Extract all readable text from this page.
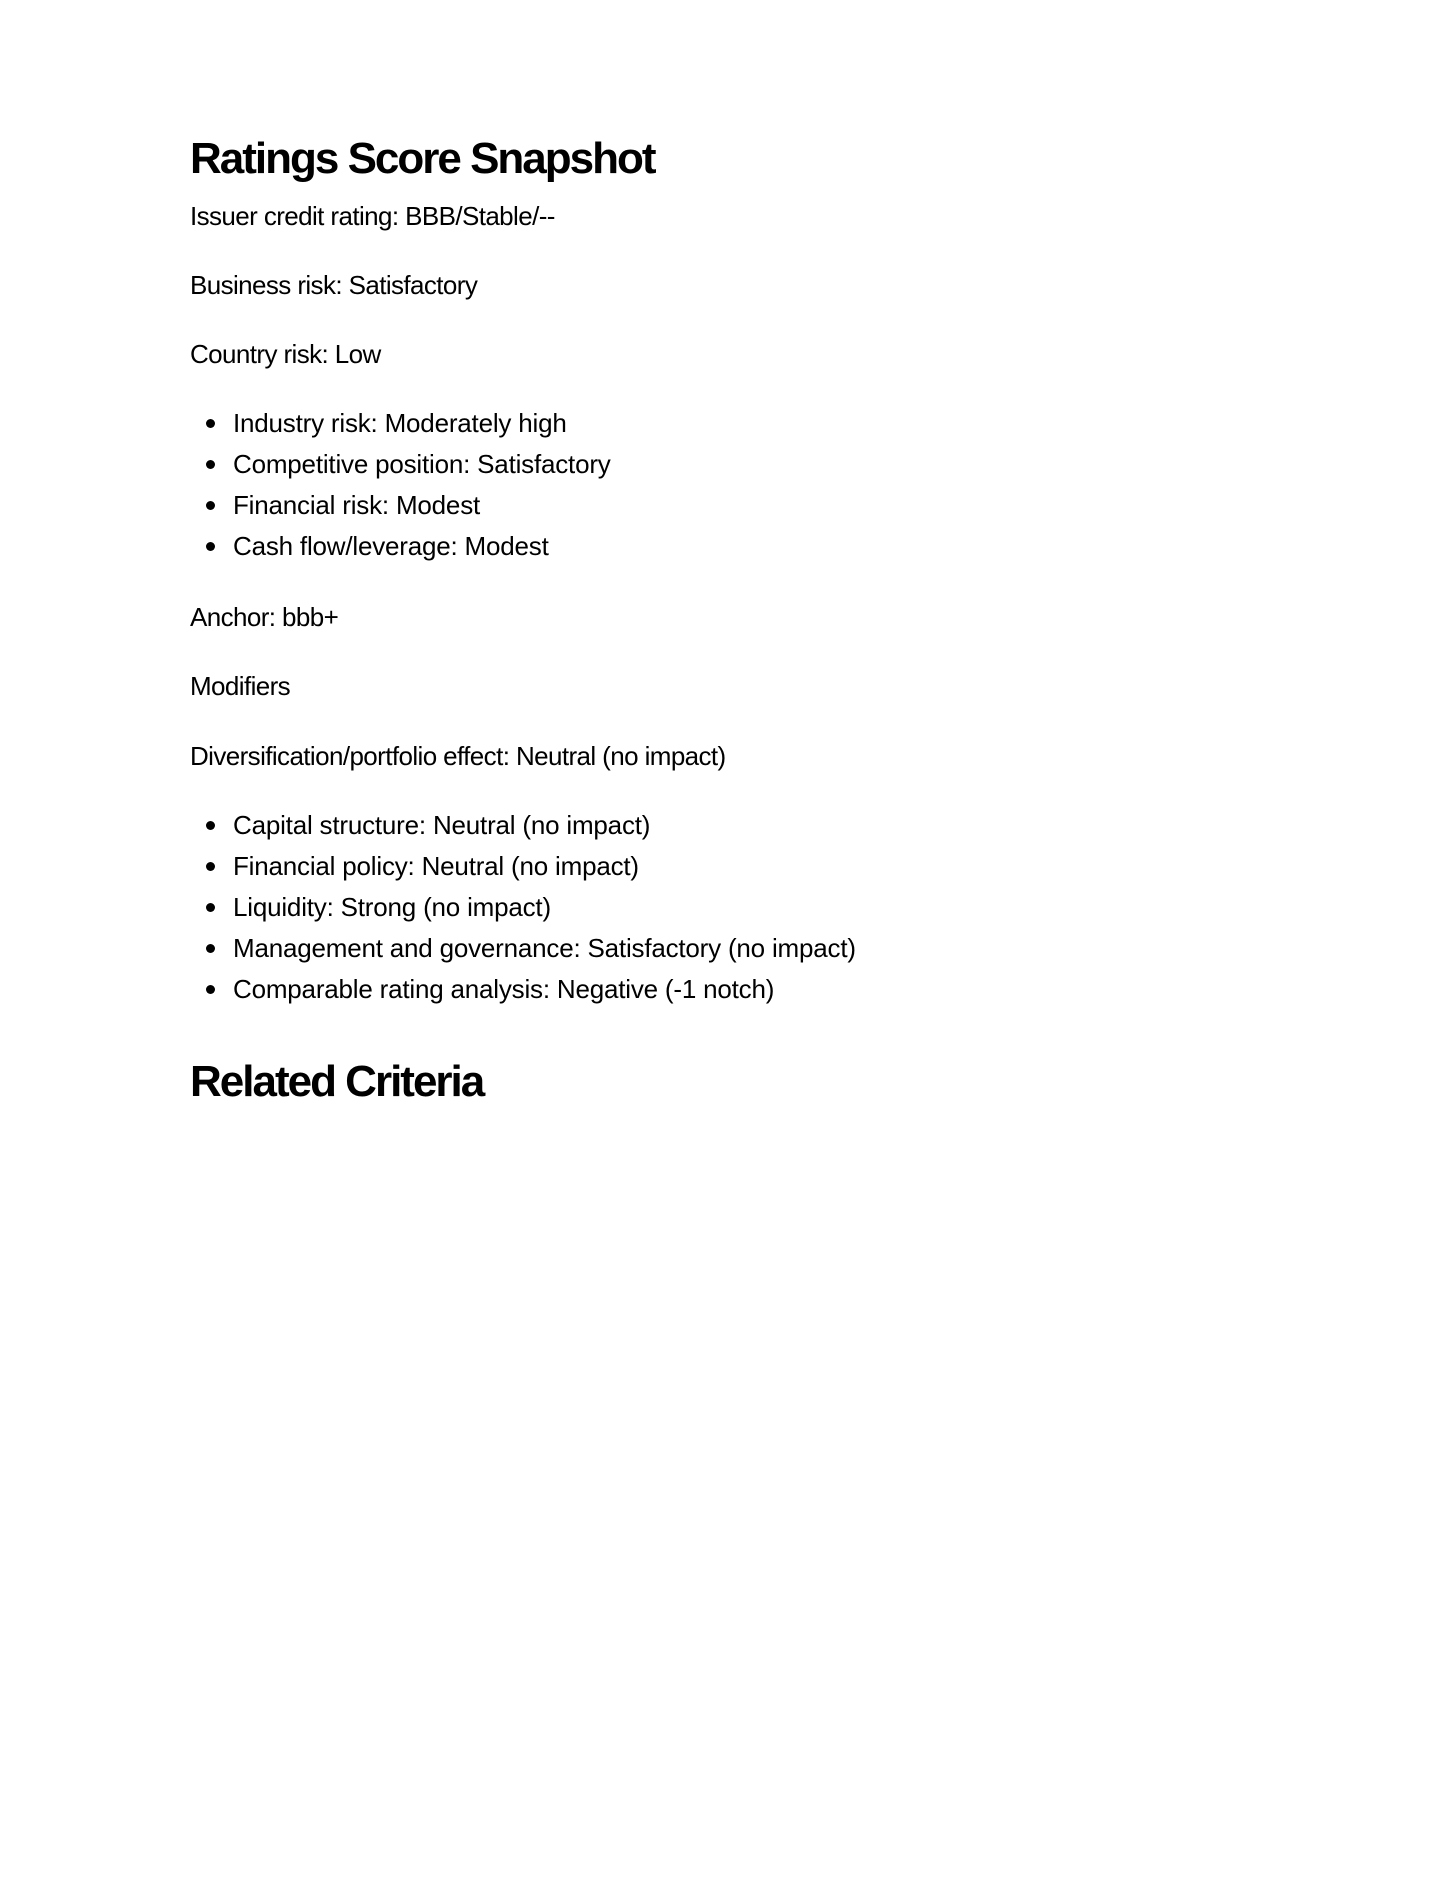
Ratings Score Snapshot

Issuer credit rating: BBB/Stable/--

Business risk: Satisfactory

Country risk: Low

Industry risk: Moderately high
Competitive position: Satisfactory
Financial risk: Modest
Cash flow/leverage: Modest

Anchor: bbb+

Modifiers

Diversification/portfolio effect: Neutral (no impact)

Capital structure: Neutral (no impact)
Financial policy: Neutral (no impact)
Liquidity: Strong (no impact)
Management and governance: Satisfactory (no impact)
Comparable rating analysis: Negative (-1 notch)
Related Criteria
